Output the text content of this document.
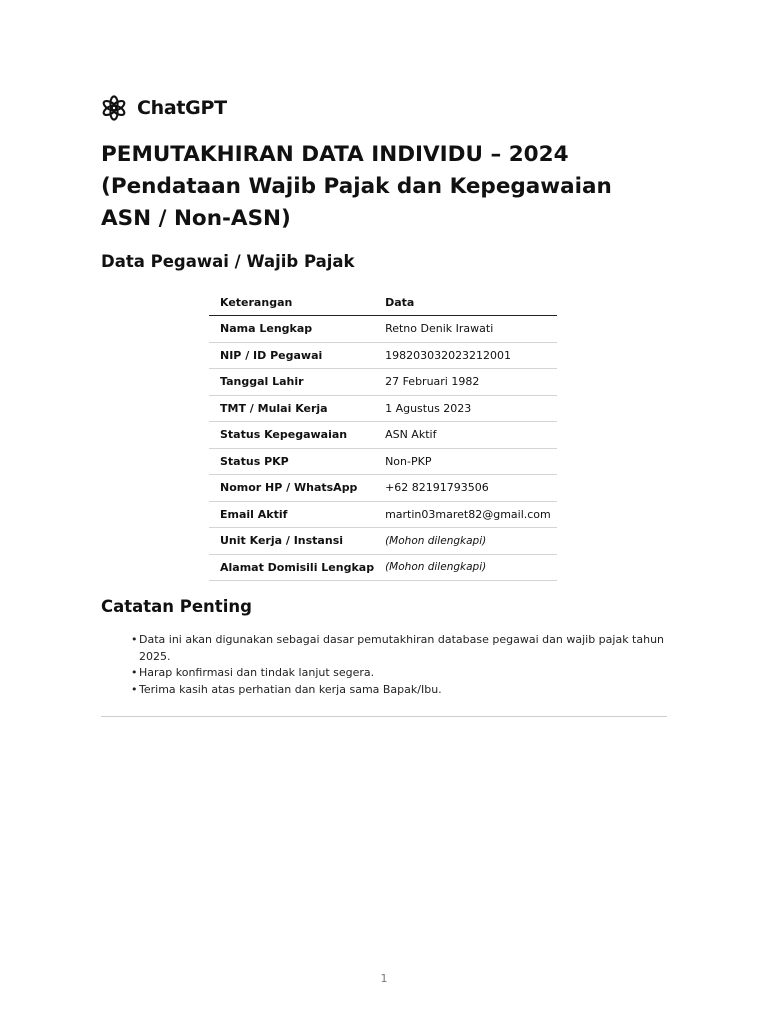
ChatGPT
PEMUTAKHIRAN DATA INDIVIDU – 2024 (Pendataan Wajib Pajak dan Kepegawaian ASN / Non-ASN)
Data Pegawai / Wajib Pajak
Keterangan	Data
Nama Lengkap	Retno Denik Irawati
NIP / ID Pegawai	198203032023212001
Tanggal Lahir	27 Februari 1982
TMT / Mulai Kerja	1 Agustus 2023
Status Kepegawaian	ASN Aktif
Status PKP	Non-PKP
Nomor HP / WhatsApp	+62 82191793506
Email Aktif	martin03maret82@gmail.com
Unit Kerja / Instansi	(Mohon dilengkapi)
Alamat Domisili Lengkap	(Mohon dilengkapi)
Catatan Penting
• Data ini akan digunakan sebagai dasar pemutakhiran database pegawai dan wajib pajak tahun 2025.
• Harap konfirmasi dan tindak lanjut segera.
• Terima kasih atas perhatian dan kerja sama Bapak/Ibu.
1
